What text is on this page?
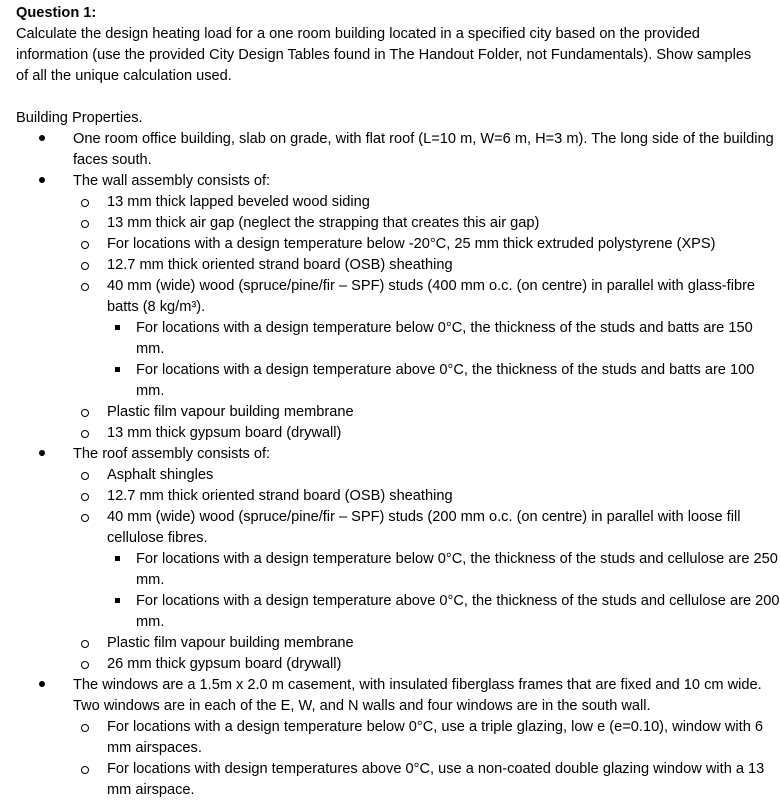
Question 1:

Calculate the design heating load for a one room building located in a specified city based on the provided information (use the provided City Design Tables found in The Handout Folder, not Fundamentals). Show samples of all the unique calculation used.

Building Properties.

One room office building, slab on grade, with flat roof (L=10 m, W=6 m, H=3 m). The long side of the building faces south.
The wall assembly consists of:
13 mm thick lapped beveled wood siding
13 mm thick air gap (neglect the strapping that creates this air gap)
For locations with a design temperature below -20°C, 25 mm thick extruded polystyrene (XPS)
12.7 mm thick oriented strand board (OSB) sheathing
40 mm (wide) wood (spruce/pine/fir – SPF) studs (400 mm o.c. (on centre) in parallel with glass-fibre batts (8 kg/m³).
For locations with a design temperature below 0°C, the thickness of the studs and batts are 150 mm.
For locations with a design temperature above 0°C, the thickness of the studs and batts are 100 mm.
Plastic film vapour building membrane
13 mm thick gypsum board (drywall)
The roof assembly consists of:
Asphalt shingles
12.7 mm thick oriented strand board (OSB) sheathing
40 mm (wide) wood (spruce/pine/fir – SPF) studs (200 mm o.c. (on centre) in parallel with loose fill cellulose fibres.
For locations with a design temperature below 0°C, the thickness of the studs and cellulose are 250 mm.
For locations with a design temperature above 0°C, the thickness of the studs and cellulose are 200 mm.
Plastic film vapour building membrane
26 mm thick gypsum board (drywall)
The windows are a 1.5m x 2.0 m casement, with insulated fiberglass frames that are fixed and 10 cm wide. Two windows are in each of the E, W, and N walls and four windows are in the south wall.
For locations with a design temperature below 0°C, use a triple glazing, low e (e=0.10), window with 6 mm airspaces.
For locations with design temperatures above 0°C, use a non-coated double glazing window with a 13 mm airspace.
